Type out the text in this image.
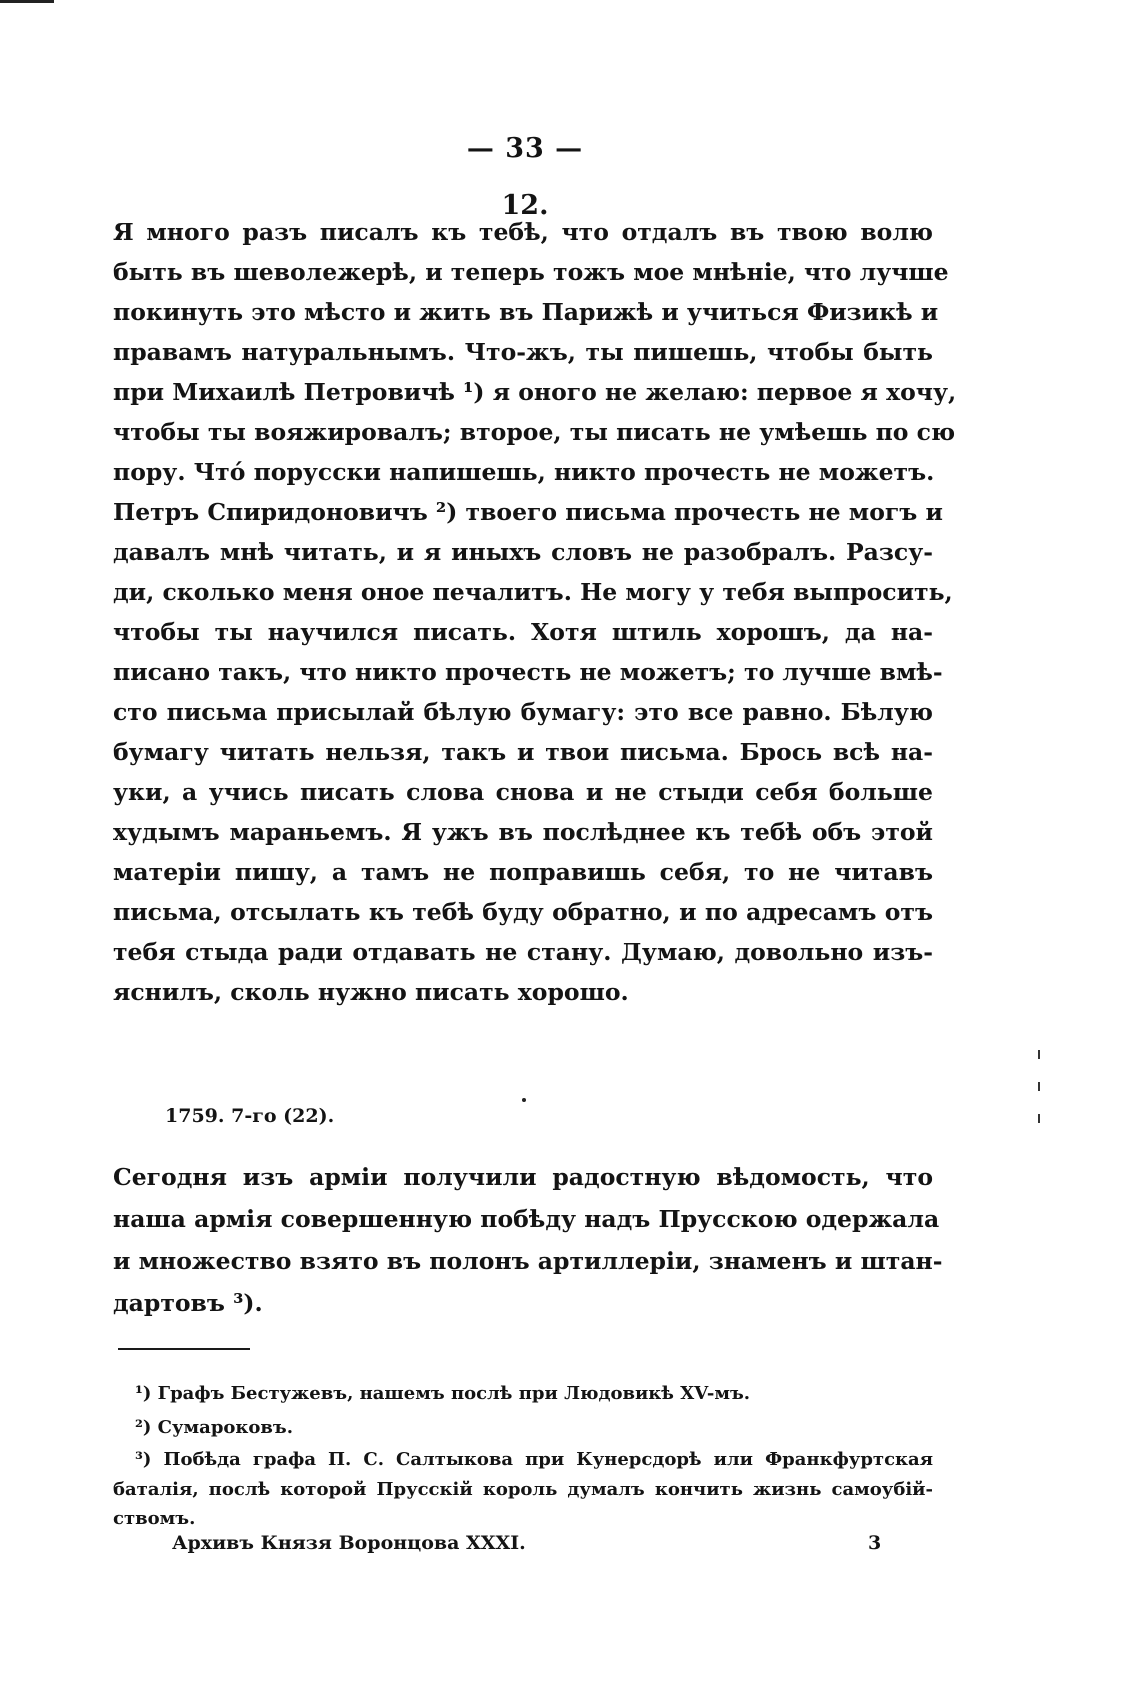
— 33 —
12.
Я много разъ писалъ къ тебѣ, что отдалъ въ твою волю
быть въ шеволежерѣ, и теперь тожъ мое мнѣніе, что лучше
покинуть это мѣсто и жить въ Парижѣ и учиться Физикѣ и
правамъ натуральнымъ. Что-жъ, ты пишешь, чтобы быть
при Михаилѣ Петровичѣ ¹) я оного не желаю: первое я хочу,
чтобы ты вояжировалъ; второе, ты писать не умѣешь по сю
пору. Что́ порусски напишешь, никто прочесть не можетъ.
Петръ Спиридоновичъ ²) твоего письма прочесть не могъ и
давалъ мнѣ читать, и я иныхъ словъ не разобралъ. Разсу-
ди, сколько меня оное печалитъ. Не могу у тебя выпросить,
чтобы ты научился писать. Хотя штиль хорошъ, да на-
писано такъ, что никто прочесть не можетъ; то лучше вмѣ-
сто письма присылай бѣлую бумагу: это все равно. Бѣлую
бумагу читать нельзя, такъ и твои письма. Брось всѣ на-
уки, а учись писать слова снова и не стыди себя больше
худымъ мараньемъ. Я ужъ въ послѣднее къ тебѣ объ этой
матеріи пишу, а тамъ не поправишь себя, то не читавъ
письма, отсылать къ тебѣ буду обратно, и по адресамъ отъ
тебя стыда ради отдавать не стану. Думаю, довольно изъ-
яснилъ, сколь нужно писать хорошо.
1759. 7-го (22).
Сегодня изъ арміи получили радостную вѣдомость, что
наша армія совершенную побѣду надъ Прусскою одержала
и множество взято въ полонъ артиллеріи, знаменъ и штан-
дартовъ ³).
¹) Графъ Бестужевъ, нашемъ послѣ при Людовикѣ XV-мъ.
²) Сумароковъ.
³) Побѣда графа П. С. Салтыкова при Кунерсдорѣ или Франкфуртская
баталія, послѣ которой Прусскій король думалъ кончить жизнь самоубій-
ствомъ.
Архивъ Князя Воронцова XXXI.	3
